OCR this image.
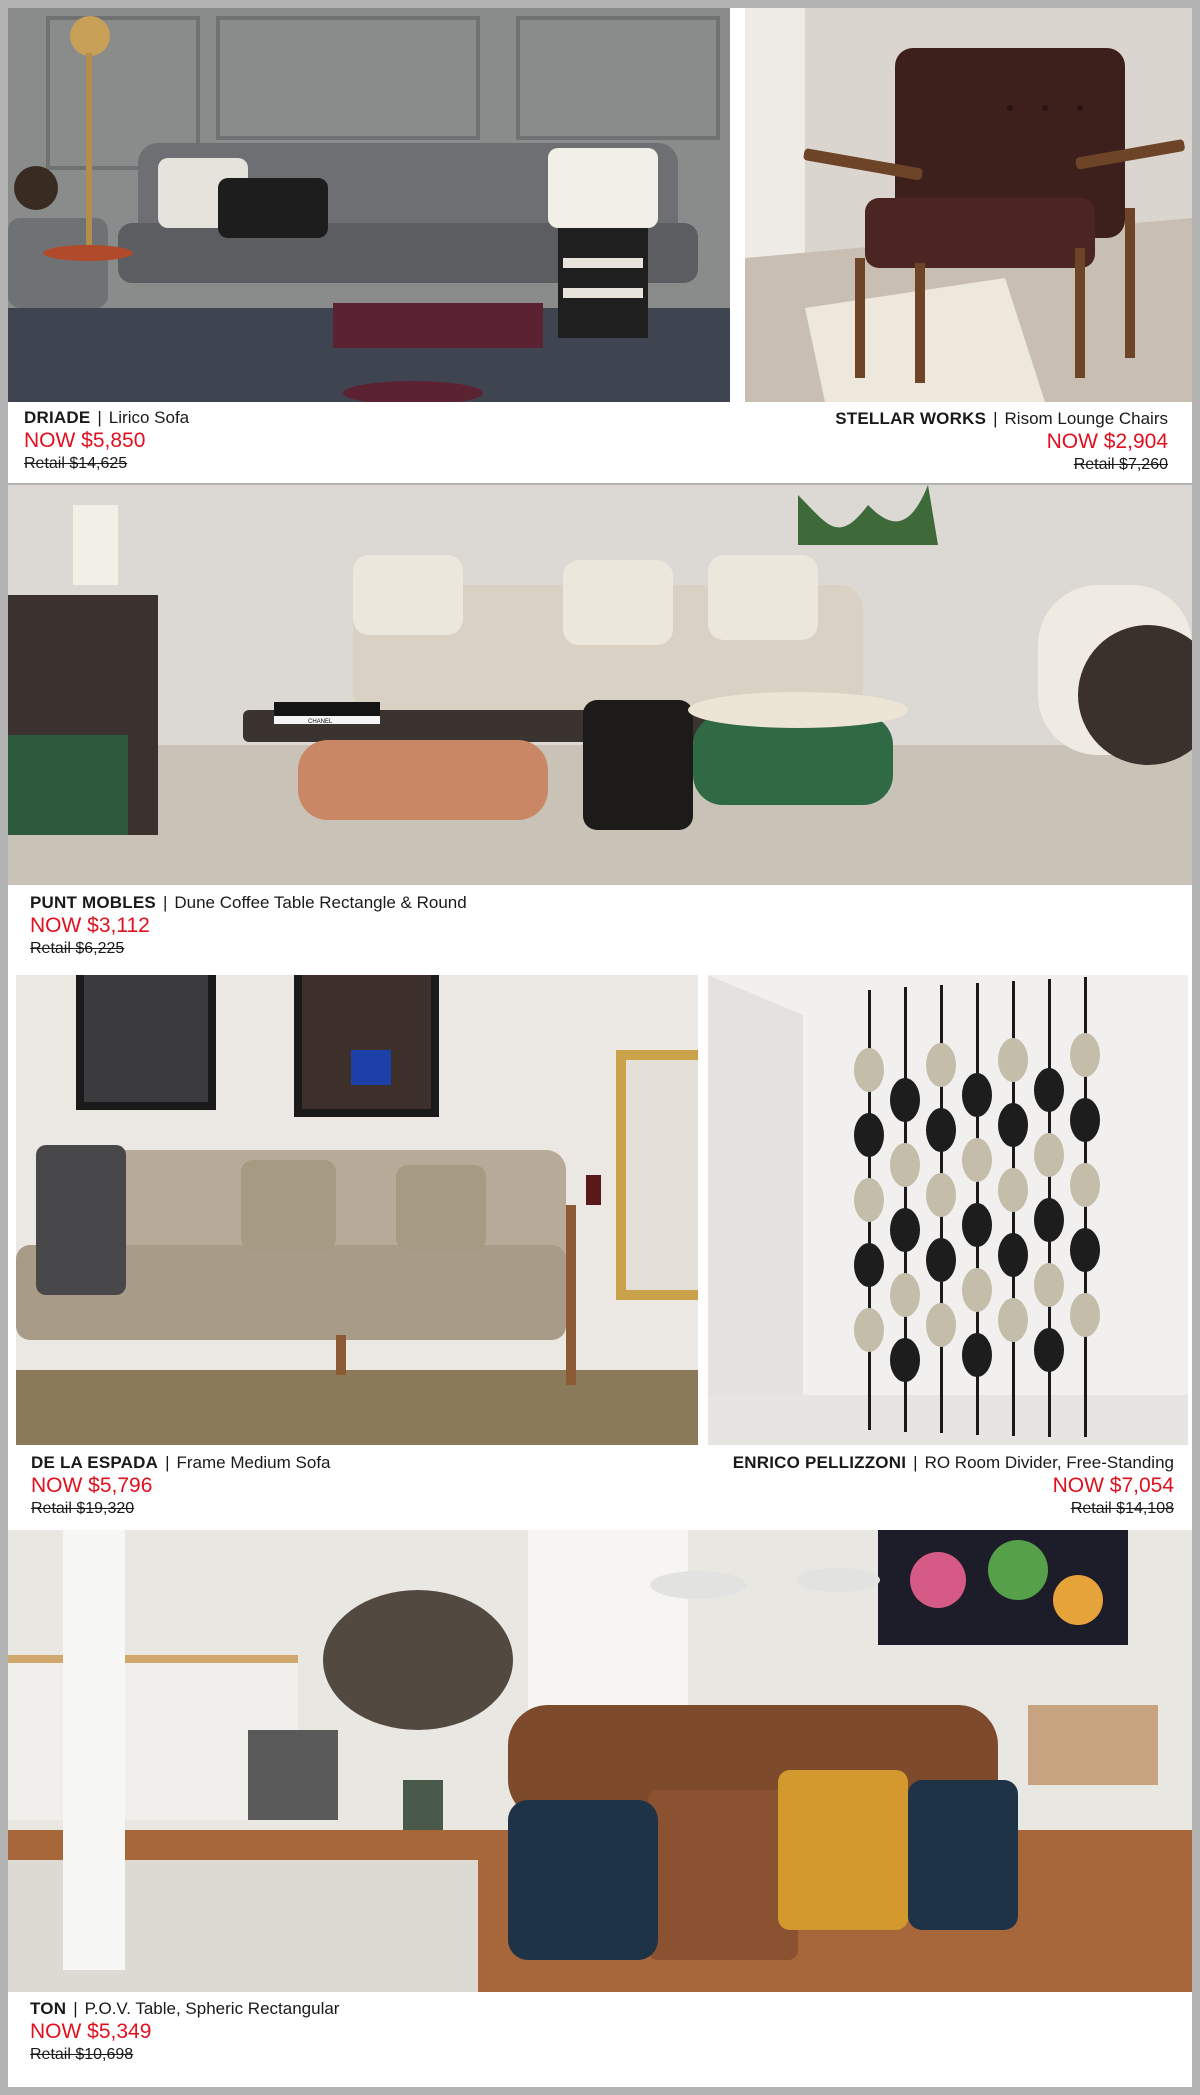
DRIADE | Lirico Sofa
NOW $5,850
Retail $14,625
STELLAR WORKS | Risom Lounge Chairs
NOW $2,904
Retail $7,260
CHANEL
PUNT MOBLES | Dune Coffee Table Rectangle & Round
NOW $3,112
Retail $6,225
DE LA ESPADA | Frame Medium Sofa
NOW $5,796
Retail $19,320
ENRICO PELLIZZONI | RO Room Divider, Free-Standing
NOW $7,054
Retail $14,108
TON | P.O.V. Table, Spheric Rectangular
NOW $5,349
Retail $10,698
